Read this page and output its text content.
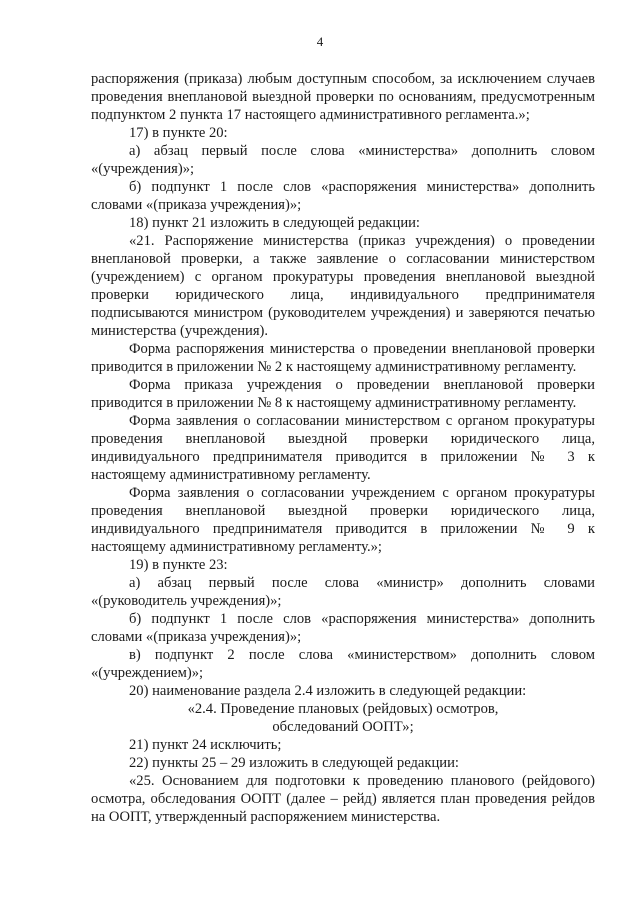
4

распоряжения (приказа) любым доступным способом, за исключением случаев проведения внеплановой выездной проверки по основаниям, предусмотренным подпунктом 2 пункта 17 настоящего административного регламента.»;

17) в пункте 20:

а) абзац первый после слова «министерства» дополнить словом «(учреждения)»;

б) подпункт 1 после слов «распоряжения министерства» дополнить словами «(приказа учреждения)»;

18) пункт 21 изложить в следующей редакции:

«21. Распоряжение министерства (приказ учреждения) о проведении внеплановой проверки, а также заявление о согласовании министерством (учреждением) с органом прокуратуры проведения внеплановой выездной проверки юридического лица, индивидуального предпринимателя подписываются министром (руководителем учреждения) и заверяются печатью министерства (учреждения).

Форма распоряжения министерства о проведении внеплановой проверки приводится в приложении № 2 к настоящему административному регламенту.

Форма приказа учреждения о проведении внеплановой проверки приводится в приложении № 8 к настоящему административному регламенту.

Форма заявления о согласовании министерством с органом прокуратуры проведения внеплановой выездной проверки юридического лица, индивидуального предпринимателя приводится в приложении № 3 к настоящему административному регламенту.

Форма заявления о согласовании учреждением с органом прокуратуры проведения внеплановой выездной проверки юридического лица, индивидуального предпринимателя приводится в приложении № 9 к настоящему административному регламенту.»;

19) в пункте 23:

а) абзац первый после слова «министр» дополнить словами «(руководитель учреждения)»;

б) подпункт 1 после слов «распоряжения министерства» дополнить словами «(приказа учреждения)»;

в) подпункт 2 после слова «министерством» дополнить словом «(учреждением)»;

20) наименование раздела 2.4 изложить в следующей редакции:

«2.4. Проведение плановых (рейдовых) осмотров,

обследований ООПТ»;

21) пункт 24 исключить;

22) пункты 25 – 29 изложить в следующей редакции:

«25. Основанием для подготовки к проведению планового (рейдового) осмотра, обследования ООПТ (далее – рейд) является план проведения рейдов на ООПТ, утвержденный распоряжением министерства.
